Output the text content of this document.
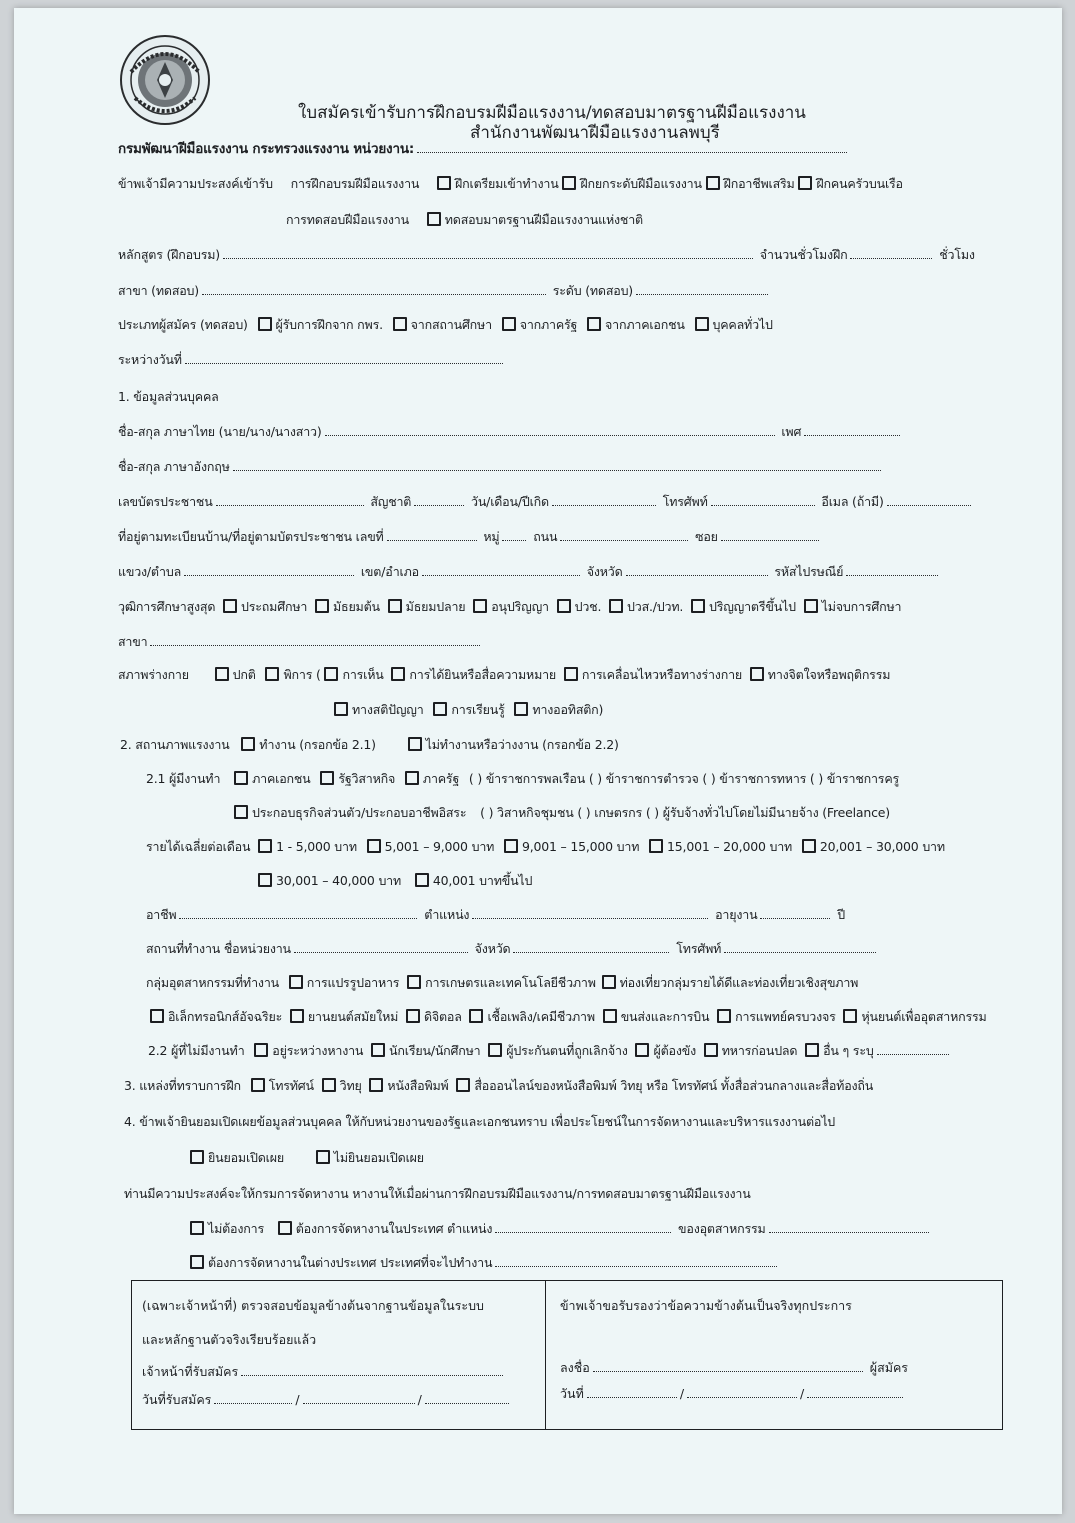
ใบสมัครเข้ารับการฝึกอบรมฝีมือแรงงาน/ทดสอบมาตรฐานฝีมือแรงงาน
สำนักงานพัฒนาฝีมือแรงงานลพบุรี
กรมพัฒนาฝีมือแรงงาน กระทรวงแรงงาน หน่วยงาน:
ข้าพเจ้ามีความประสงค์เข้ารับ การฝึกอบรมฝีมือแรงงาน	ฝึกเตรียมเข้าทำงาน ฝึกยกระดับฝีมือแรงงาน ฝึกอาชีพเสริม ฝึกคนครัวบนเรือ
การทดสอบฝีมือแรงงาน	ทดสอบมาตรฐานฝีมือแรงงานแห่งชาติ
หลักสูตร (ฝึกอบรม)	จำนวนชั่วโมงฝึก	ชั่วโมง
สาขา (ทดสอบ)	ระดับ (ทดสอบ)
ประเภทผู้สมัคร (ทดสอบ) ผู้รับการฝึกจาก กพร. จากสถานศึกษา จากภาครัฐ จากภาคเอกชน บุคคลทั่วไป
ระหว่างวันที่
1. ข้อมูลส่วนบุคคล
ชื่อ-สกุล ภาษาไทย (นาย/นาง/นางสาว)	เพศ
ชื่อ-สกุล ภาษาอังกฤษ
เลขบัตรประชาชน	สัญชาติ	วัน/เดือน/ปีเกิด	โทรศัพท์	อีเมล (ถ้ามี)
ที่อยู่ตามทะเบียนบ้าน/ที่อยู่ตามบัตรประชาชน เลขที่	หมู่	ถนน	ซอย
แขวง/ตำบล	เขต/อำเภอ	จังหวัด	รหัสไปรษณีย์
วุฒิการศึกษาสูงสุด ประถมศึกษา มัธยมต้น มัธยมปลาย อนุปริญญา ปวช. ปวส./ปวท. ปริญญาตรีขึ้นไป ไม่จบการศึกษา
สาขา
สภาพร่างกาย	ปกติ พิการ ( การเห็น การได้ยินหรือสื่อความหมาย การเคลื่อนไหวหรือทางร่างกาย ทางจิตใจหรือพฤติกรรม
ทางสติปัญญา การเรียนรู้ ทางออทิสติก)
2. สถานภาพแรงงาน ทำงาน (กรอกข้อ 2.1)	ไม่ทำงานหรือว่างงาน (กรอกข้อ 2.2)
2.1 ผู้มีงานทำ	ภาคเอกชน รัฐวิสาหกิจ ภาครัฐ ( ) ข้าราชการพลเรือน ( ) ข้าราชการตำรวจ ( ) ข้าราชการทหาร ( ) ข้าราชการครู
ประกอบธุรกิจส่วนตัว/ประกอบอาชีพอิสระ ( ) วิสาหกิจชุมชน ( ) เกษตรกร ( ) ผู้รับจ้างทั่วไปโดยไม่มีนายจ้าง (Freelance)
รายได้เฉลี่ยต่อเดือน 1 - 5,000 บาท 5,001 – 9,000 บาท 9,001 – 15,000 บาท 15,001 – 20,000 บาท 20,001 – 30,000 บาท
30,001 – 40,000 บาท	40,001 บาทขึ้นไป
อาชีพ	ตำแหน่ง	อายุงาน	ปี
สถานที่ทำงาน ชื่อหน่วยงาน	จังหวัด	โทรศัพท์
กลุ่มอุตสาหกรรมที่ทำงาน การแปรรูปอาหาร การเกษตรและเทคโนโลยีชีวภาพ ท่องเที่ยวกลุ่มรายได้ดีและท่องเที่ยวเชิงสุขภาพ
อิเล็กทรอนิกส์อัจฉริยะ ยานยนต์สมัยใหม่ ดิจิตอล เชื้อเพลิง/เคมีชีวภาพ ขนส่งและการบิน การแพทย์ครบวงจร หุ่นยนต์เพื่ออุตสาหกรรม
2.2 ผู้ที่ไม่มีงานทำ อยู่ระหว่างหางาน นักเรียน/นักศึกษา ผู้ประกันตนที่ถูกเลิกจ้าง ผู้ต้องขัง ทหารก่อนปลด อื่น ๆ ระบุ
3. แหล่งที่ทราบการฝึก โทรทัศน์ วิทยุ หนังสือพิมพ์ สื่อออนไลน์ของหนังสือพิมพ์ วิทยุ หรือ โทรทัศน์ ทั้งสื่อส่วนกลางและสื่อท้องถิ่น
4. ข้าพเจ้ายินยอมเปิดเผยข้อมูลส่วนบุคคล ให้กับหน่วยงานของรัฐและเอกชนทราบ เพื่อประโยชน์ในการจัดหางานและบริหารแรงงานต่อไป
ยินยอมเปิดเผย	ไม่ยินยอมเปิดเผย
ท่านมีความประสงค์จะให้กรมการจัดหางาน หางานให้เมื่อผ่านการฝึกอบรมฝีมือแรงงาน/การทดสอบมาตรฐานฝีมือแรงงาน
ไม่ต้องการ	ต้องการจัดหางานในประเทศ ตำแหน่ง	ของอุตสาหกรรม
ต้องการจัดหางานในต่างประเทศ ประเทศที่จะไปทำงาน
(เฉพาะเจ้าหน้าที่) ตรวจสอบข้อมูลข้างต้นจากฐานข้อมูลในระบบ
และหลักฐานตัวจริงเรียบร้อยแล้ว
เจ้าหน้าที่รับสมัคร
วันที่รับสมัคร	/	/
ข้าพเจ้าขอรับรองว่าข้อความข้างต้นเป็นจริงทุกประการ
ลงชื่อ	ผู้สมัคร
วันที่	/	/
